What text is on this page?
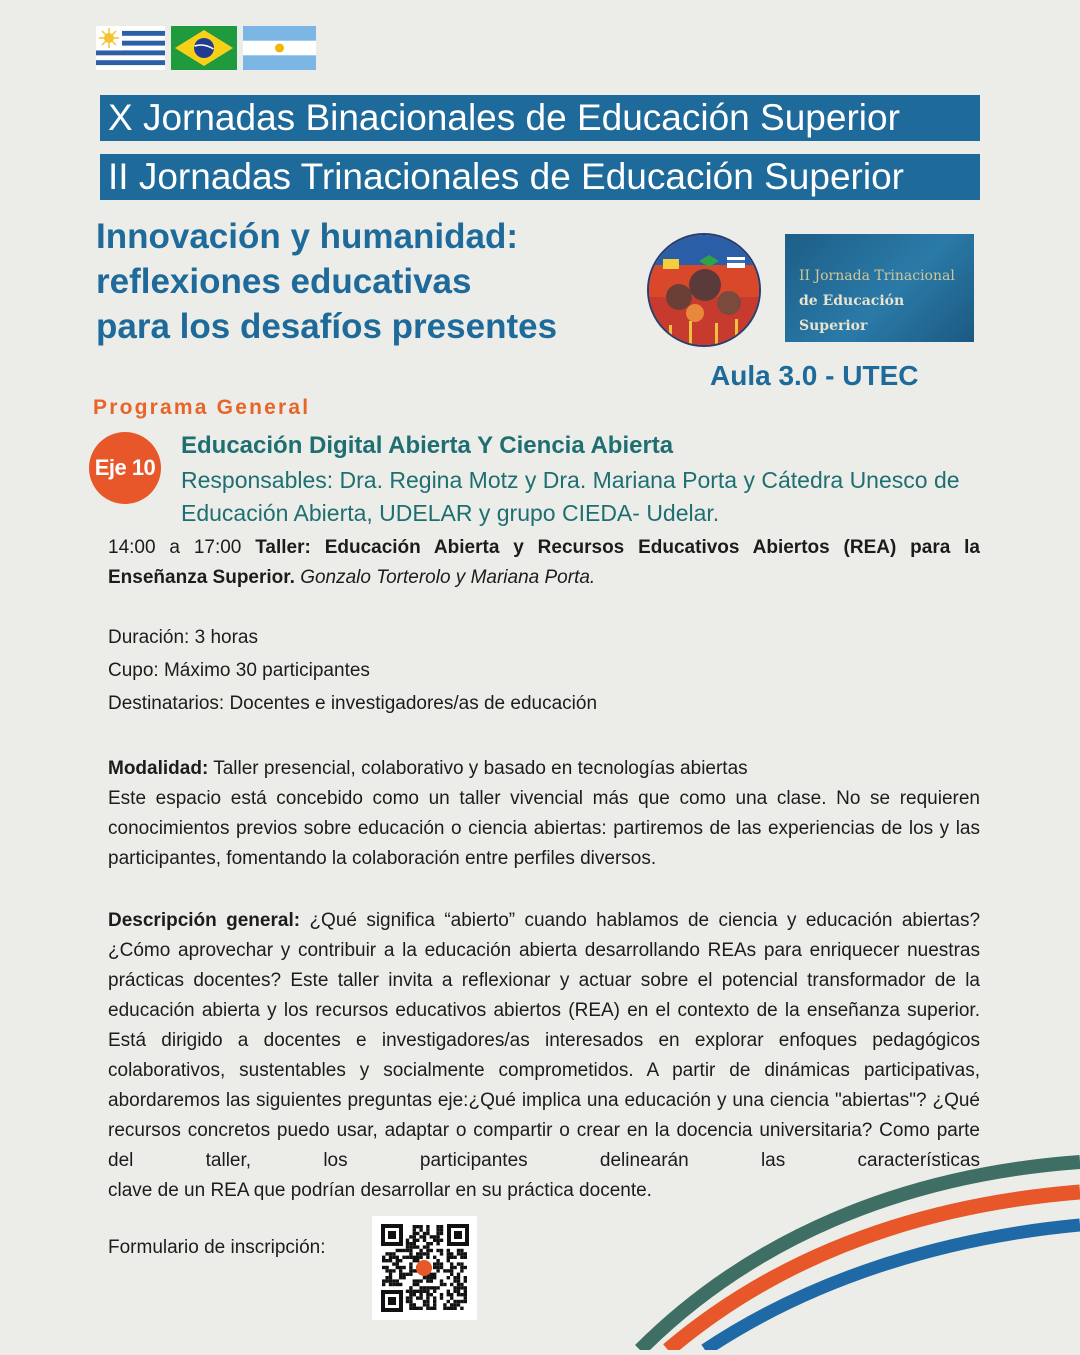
X Jornadas Binacionales de Educación Superior
II Jornadas Trinacionales de Educación Superior
Innovación y humanidad:
reflexiones educativas
para los desafíos presentes
II Jornada Trinacional
de Educación Superior
Aula 3.0 - UTEC
Programa General
Eje 10
Educación Digital Abierta Y Ciencia Abierta
Responsables: Dra. Regina Motz y Dra. Mariana Porta y Cátedra Unesco de Educación Abierta, UDELAR y grupo CIEDA- Udelar.
14:00 a 17:00 Taller: Educación Abierta y Recursos Educativos Abiertos (REA) para la Enseñanza Superior. Gonzalo Torterolo y Mariana Porta.
Duración: 3 horas
Cupo: Máximo 30 participantes
Destinatarios: Docentes e investigadores/as de educación
Modalidad: Taller presencial, colaborativo y basado en tecnologías abiertas
Este espacio está concebido como un taller vivencial más que como una clase. No se requieren conocimientos previos sobre educación o ciencia abiertas: partiremos de las experiencias de los y las participantes, fomentando la colaboración entre perfiles diversos.
Descripción general: ¿Qué significa “abierto” cuando hablamos de ciencia y educación abiertas? ¿Cómo aprovechar y contribuir a la educación abierta desarrollando REAs para enriquecer nuestras prácticas docentes? Este taller invita a reflexionar y actuar sobre el potencial transformador de la educación abierta y los recursos educativos abiertos (REA) en el contexto de la enseñanza superior. Está dirigido a docentes e investigadores/as interesados en explorar enfoques pedagógicos colaborativos, sustentables y socialmente comprometidos. A partir de dinámicas participativas, abordaremos las siguientes preguntas eje:¿Qué implica una educación y una ciencia "abiertas"? ¿Qué recursos concretos puedo usar, adaptar o compartir o crear en la docencia universitaria? Como parte del taller, los participantes delinearán las características
clave de un REA que podrían desarrollar en su práctica docente.
Formulario de inscripción:
